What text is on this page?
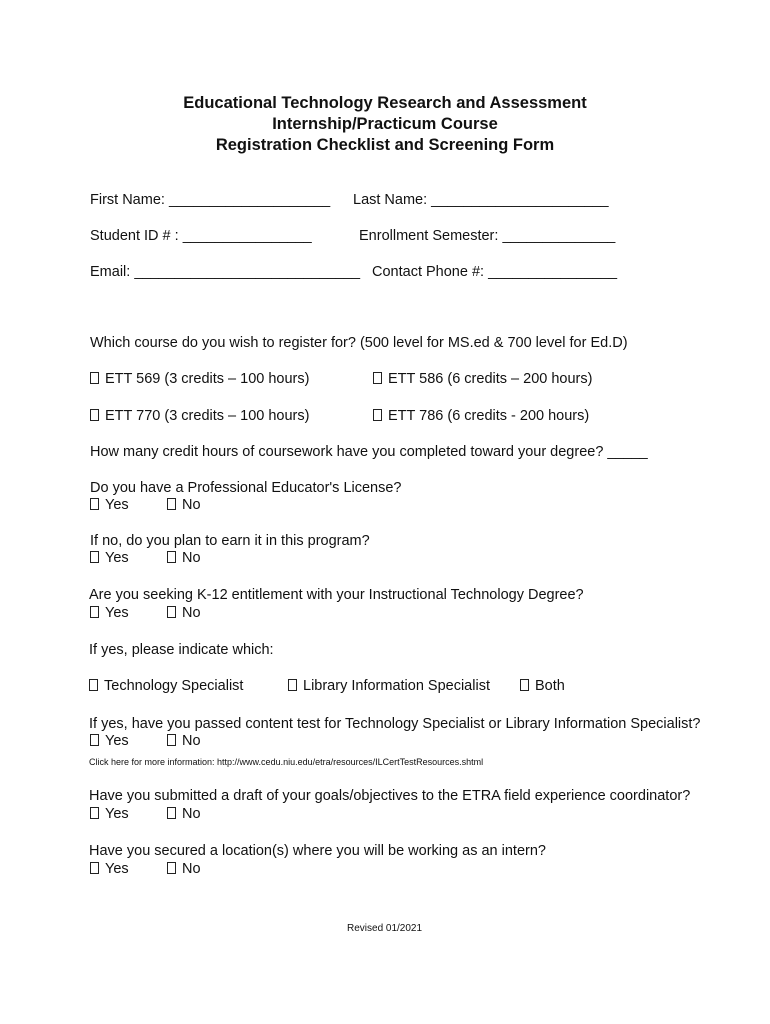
Educational Technology Research and Assessment
Internship/Practicum Course
Registration Checklist and Screening Form
First Name: ____________________ Last Name: ______________________
Student ID # : ________________	Enrollment Semester: ______________
Email: ____________________________ Contact Phone #: ________________
Which course do you wish to register for? (500 level for MS.ed & 700 level for Ed.D)
ETT 569 (3 credits – 100 hours)	ETT 586 (6 credits – 200 hours)
ETT 770 (3 credits – 100 hours)	ETT 786 (6 credits - 200 hours)
How many credit hours of coursework have you completed toward your degree? _____
Do you have a Professional Educator's License?
Yes	No
If no, do you plan to earn it in this program?
Yes	No
Are you seeking K-12 entitlement with your Instructional Technology Degree?
Yes	No
If yes, please indicate which:
Technology Specialist	Library Information Specialist	Both
If yes, have you passed content test for Technology Specialist or Library Information Specialist?
Yes	No
Click here for more information: http://www.cedu.niu.edu/etra/resources/ILCertTestResources.shtml
Have you submitted a draft of your goals/objectives to the ETRA field experience coordinator?
Yes	No
Have you secured a location(s) where you will be working as an intern?
Yes	No
Revised 01/2021
